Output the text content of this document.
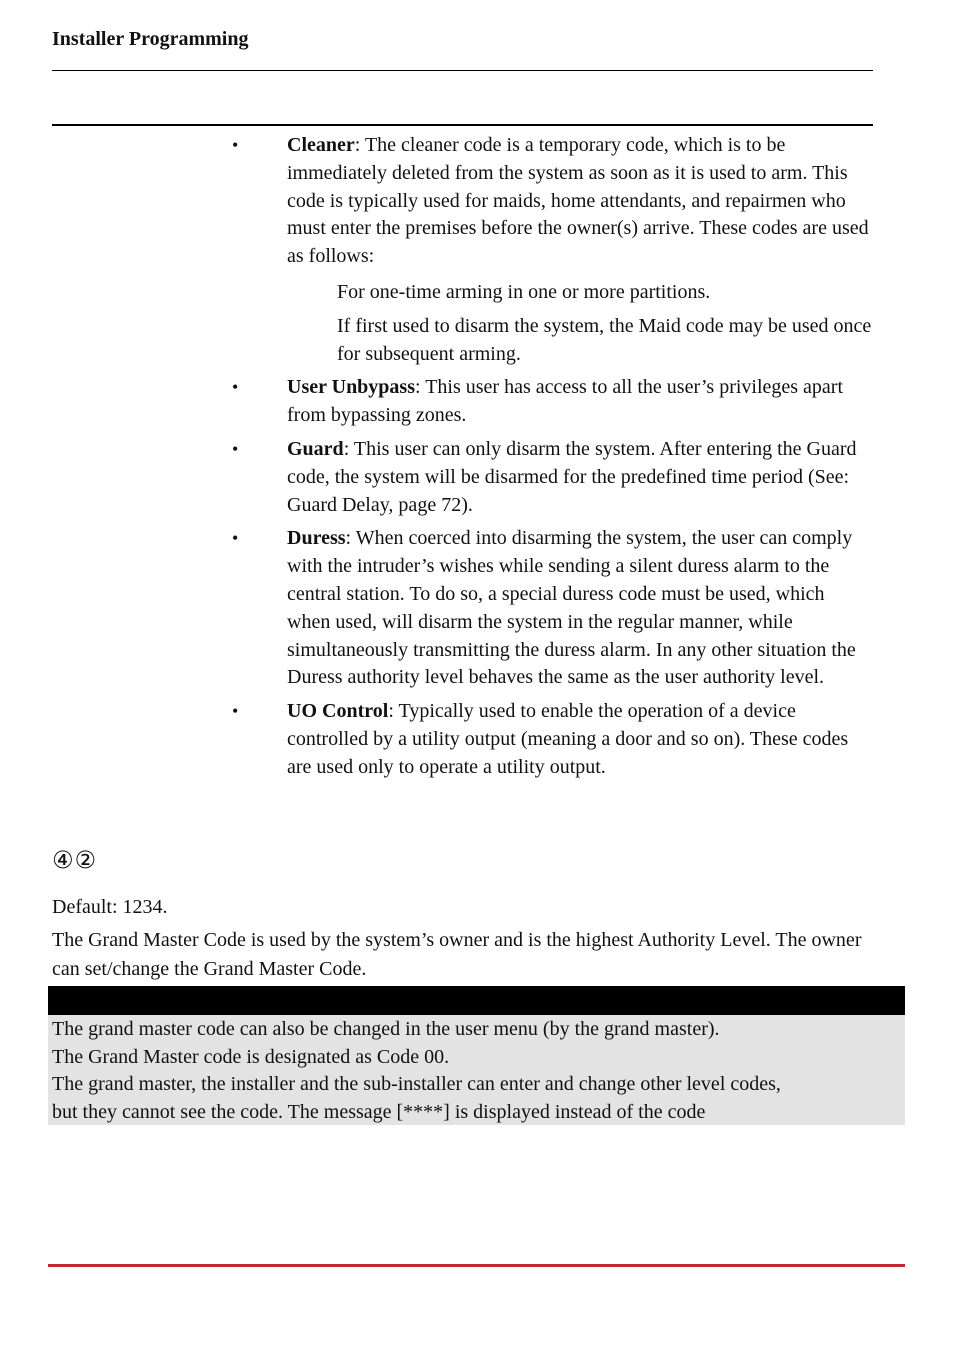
Installer Programming
• Cleaner: The cleaner code is a temporary code, which is to be immediately deleted from the system as soon as it is used to arm. This code is typically used for maids, home attendants, and repairmen who must enter the premises before the owner(s) arrive. These codes are used as follows:
For one-time arming in one or more partitions.
If first used to disarm the system, the Maid code may be used once for subsequent arming.
• User Unbypass: This user has access to all the user’s privileges apart from bypassing zones.
• Guard: This user can only disarm the system. After entering the Guard code, the system will be disarmed for the predefined time period (See: Guard Delay, page 72).
• Duress: When coerced into disarming the system, the user can comply with the intruder’s wishes while sending a silent duress alarm to the central station. To do so, a special duress code must be used, which when used, will disarm the system in the regular manner, while simultaneously transmitting the duress alarm. In any other situation the Duress authority level behaves the same as the user authority level.
• UO Control: Typically used to enable the operation of a device controlled by a utility output (meaning a door and so on). These codes are used only to operate a utility output.
④②
Default: 1234.
The Grand Master Code is used by the system’s owner and is the highest Authority Level. The owner can set/change the Grand Master Code.
The grand master code can also be changed in the user menu (by the grand master).
The Grand Master code is designated as Code 00.
The grand master, the installer and the sub-installer can enter and change other level codes,
but they cannot see the code. The message [****] is displayed instead of the code
